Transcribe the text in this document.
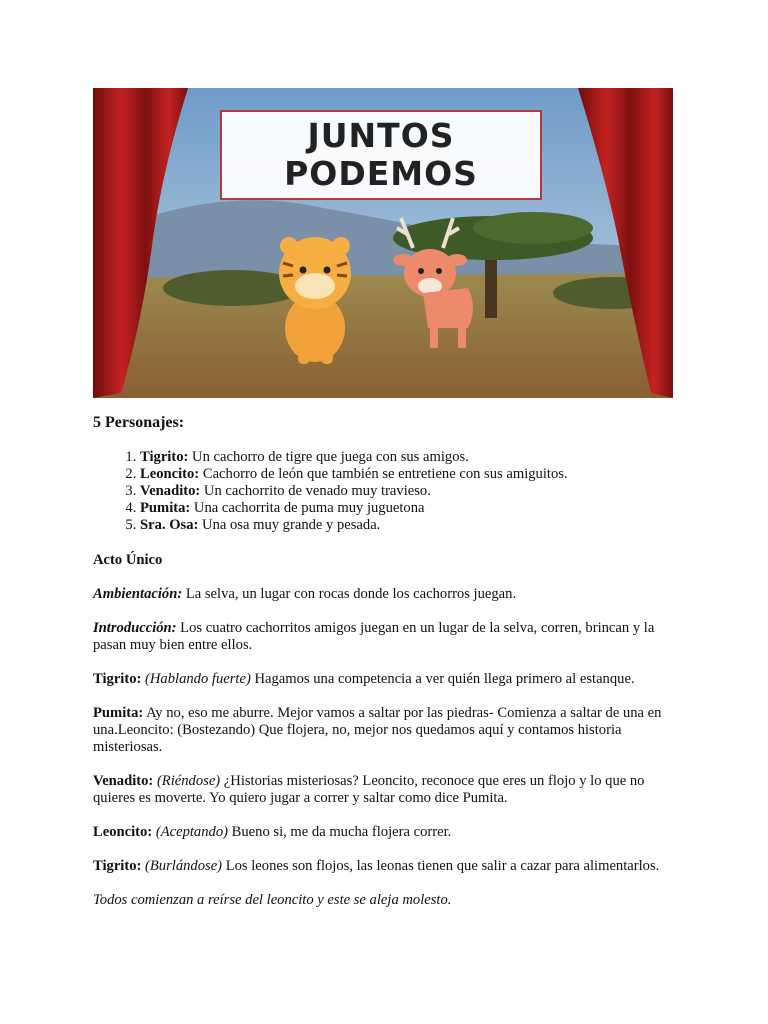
JUNTOS
PODEMOS
5 Personajes:
1. Tigrito: Un cachorro de tigre que juega con sus amigos.
2. Leoncito: Cachorro de león que también se entretiene con sus amiguitos.
3. Venadito: Un cachorrito de venado muy travieso.
4. Pumita: Una cachorrita de puma muy juguetona
5. Sra. Osa: Una osa muy grande y pesada.

Acto Único

Ambientación: La selva, un lugar con rocas donde los cachorros juegan.

Introducción: Los cuatro cachorritos amigos juegan en un lugar de la selva, corren, brincan y la pasan muy bien entre ellos.

Tigrito: (Hablando fuerte) Hagamos una competencia a ver quién llega primero al estanque.

Pumita: Ay no, eso me aburre. Mejor vamos a saltar por las piedras- Comienza a saltar de una en una.Leoncito: (Bostezando) Que flojera, no, mejor nos quedamos aquí y contamos historia misteriosas.

Venadito: (Riéndose) ¿Historias misteriosas? Leoncito, reconoce que eres un flojo y lo que no quieres es moverte. Yo quiero jugar a correr y saltar como dice Pumita.

Leoncito: (Aceptando) Bueno si, me da mucha flojera correr.

Tigrito: (Burlándose) Los leones son flojos, las leonas tienen que salir a cazar para alimentarlos.

Todos comienzan a reírse del leoncito y este se aleja molesto.
